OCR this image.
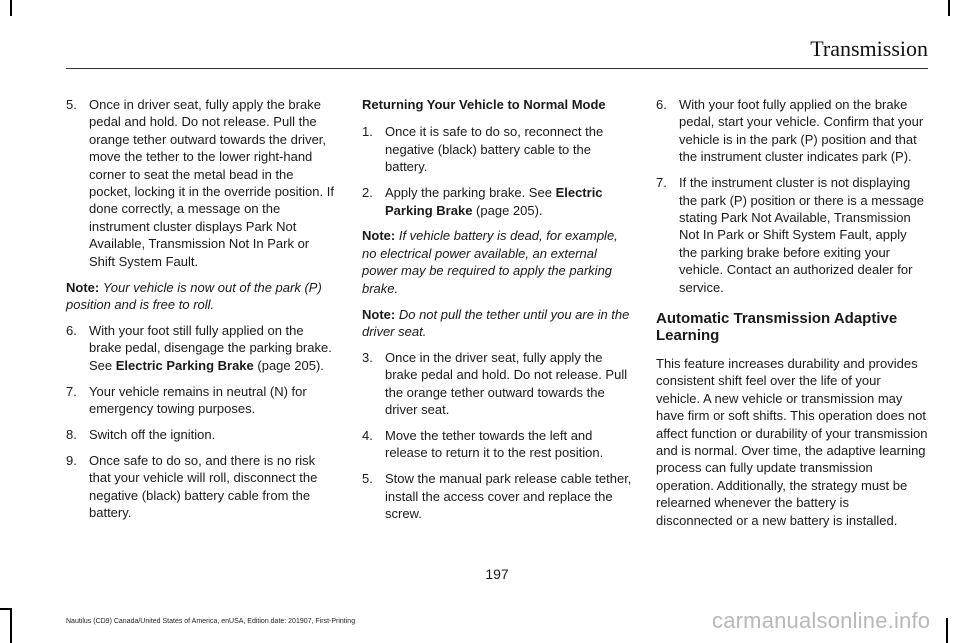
Transmission
5. Once in driver seat, fully apply the brake pedal and hold. Do not release. Pull the orange tether outward towards the driver, move the tether to the lower right-hand corner to seat the metal bead in the pocket, locking it in the override position. If done correctly, a message on the instrument cluster displays Park Not Available, Transmission Not In Park or Shift System Fault.
Note: Your vehicle is now out of the park (P) position and is free to roll.
6. With your foot still fully applied on the brake pedal, disengage the parking brake. See Electric Parking Brake (page 205).
7. Your vehicle remains in neutral (N) for emergency towing purposes.
8. Switch off the ignition.
9. Once safe to do so, and there is no risk that your vehicle will roll, disconnect the negative (black) battery cable from the battery.
Returning Your Vehicle to Normal Mode
1. Once it is safe to do so, reconnect the negative (black) battery cable to the battery.
2. Apply the parking brake. See Electric Parking Brake (page 205).
Note: If vehicle battery is dead, for example, no electrical power available, an external power may be required to apply the parking brake.
Note: Do not pull the tether until you are in the driver seat.
3. Once in the driver seat, fully apply the brake pedal and hold. Do not release. Pull the orange tether outward towards the driver seat.
4. Move the tether towards the left and release to return it to the rest position.
5. Stow the manual park release cable tether, install the access cover and replace the screw.
6. With your foot fully applied on the brake pedal, start your vehicle. Confirm that your vehicle is in the park (P) position and that the instrument cluster indicates park (P).
7. If the instrument cluster is not displaying the park (P) position or there is a message stating Park Not Available, Transmission Not In Park or Shift System Fault, apply the parking brake before exiting your vehicle. Contact an authorized dealer for service.
Automatic Transmission Adaptive Learning
This feature increases durability and provides consistent shift feel over the life of your vehicle. A new vehicle or transmission may have firm or soft shifts. This operation does not affect function or durability of your transmission and is normal. Over time, the adaptive learning process can fully update transmission operation. Additionally, the strategy must be relearned whenever the battery is disconnected or a new battery is installed.
197
Nautilus (CD9) Canada/United States of America, enUSA, Edition date: 201907, First-Printing	carmanualsonline.info
